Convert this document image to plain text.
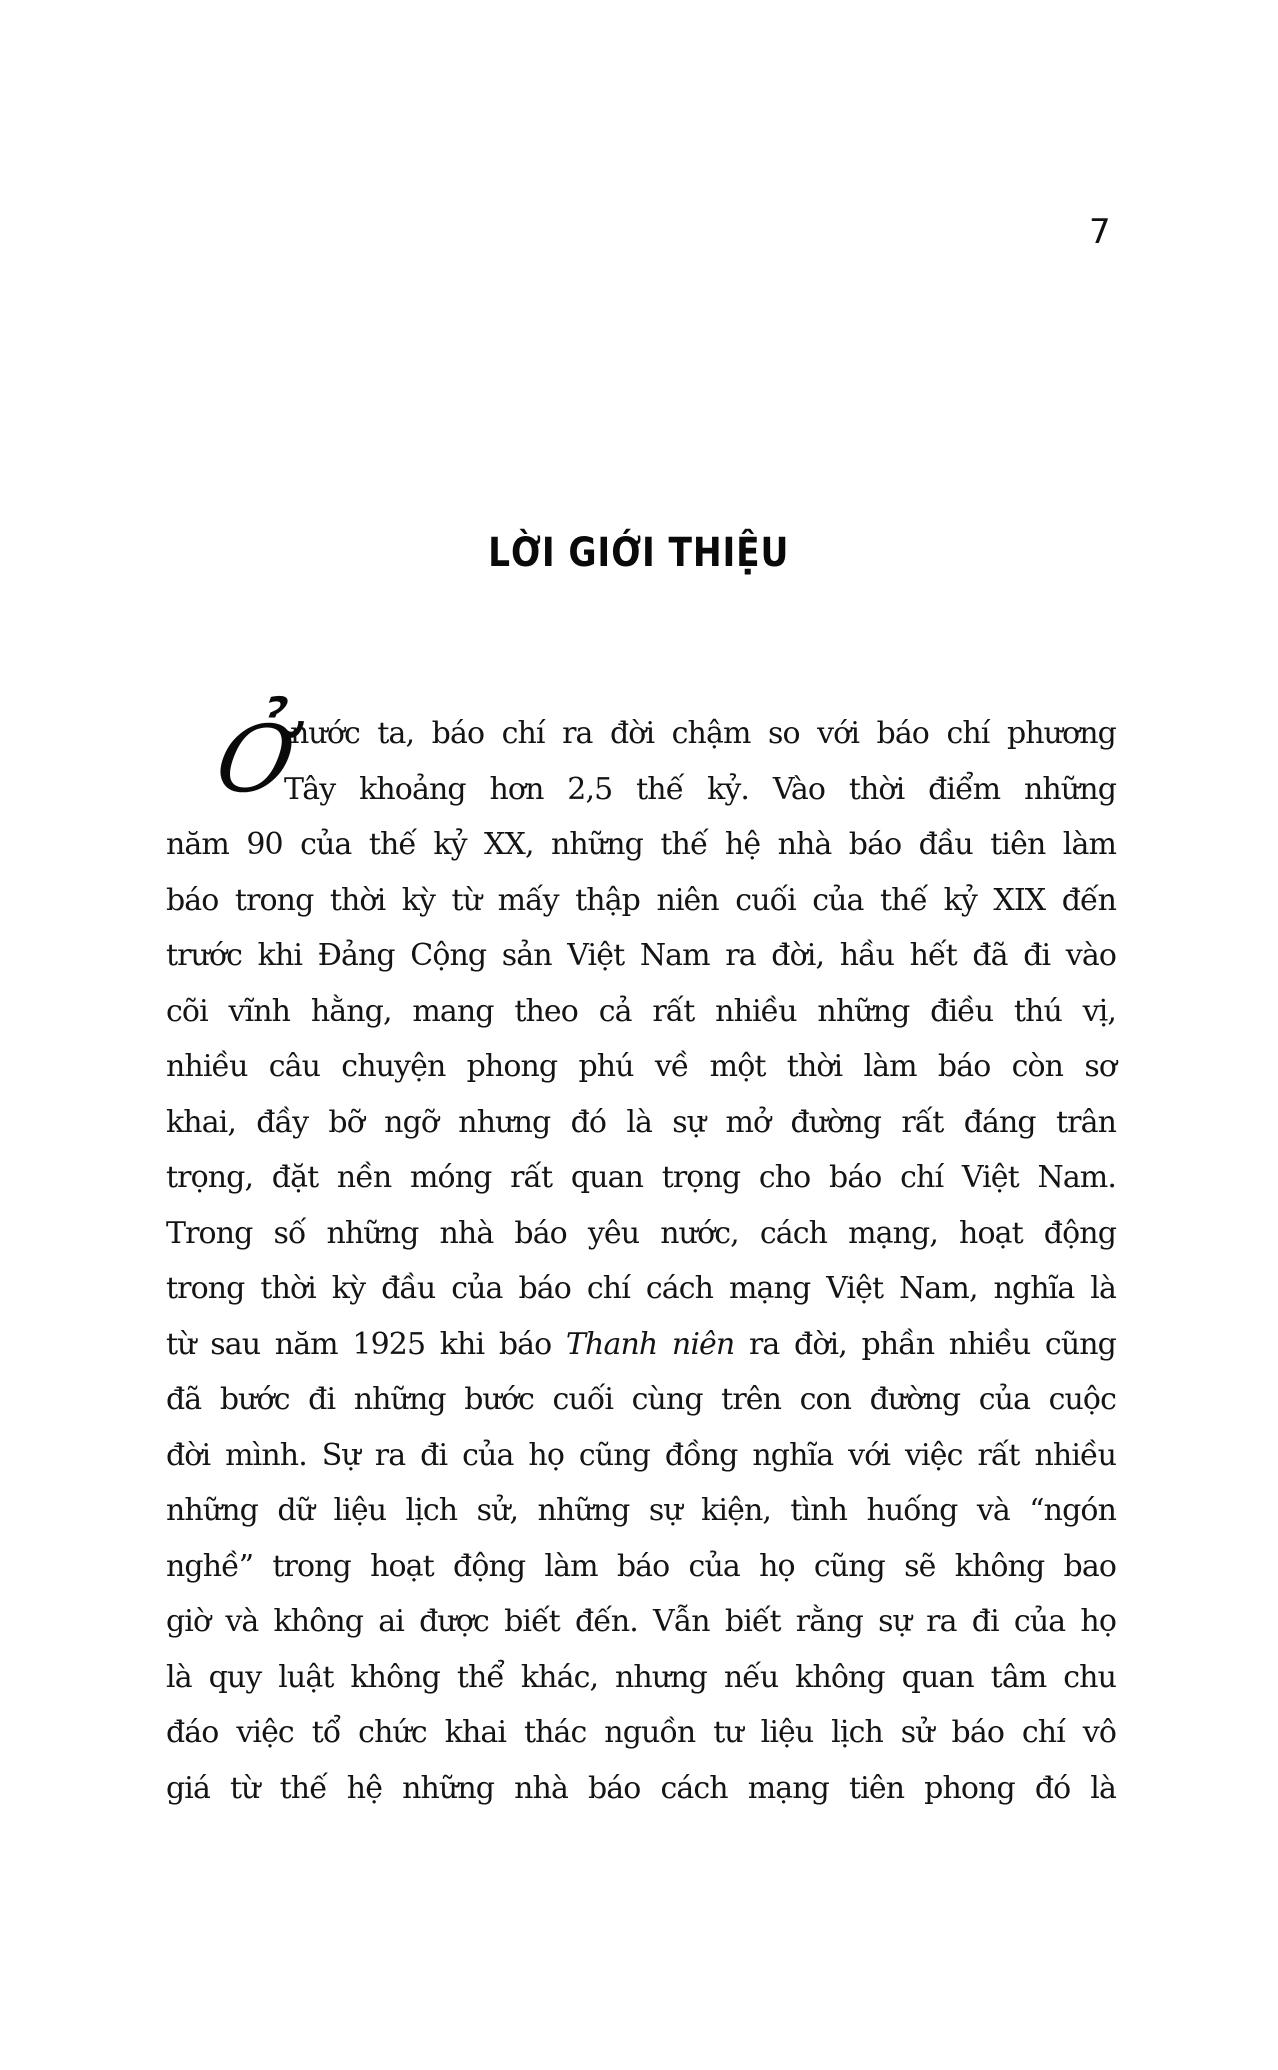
7
LỜI GIỚI THIỆU
Ở
nước ta, báo chí ra đời chậm so với báo chí phương
Tây khoảng hơn 2,5 thế kỷ. Vào thời điểm những
năm 90 của thế kỷ XX, những thế hệ nhà báo đầu tiên làm
báo trong thời kỳ từ mấy thập niên cuối của thế kỷ XIX đến
trước khi Đảng Cộng sản Việt Nam ra đời, hầu hết đã đi vào
cõi vĩnh hằng, mang theo cả rất nhiều những điều thú vị,
nhiều câu chuyện phong phú về một thời làm báo còn sơ
khai, đầy bỡ ngỡ nhưng đó là sự mở đường rất đáng trân
trọng, đặt nền móng rất quan trọng cho báo chí Việt Nam.
Trong số những nhà báo yêu nước, cách mạng, hoạt động
trong thời kỳ đầu của báo chí cách mạng Việt Nam, nghĩa là
từ sau năm 1925 khi báo Thanh niên ra đời, phần nhiều cũng
đã bước đi những bước cuối cùng trên con đường của cuộc
đời mình. Sự ra đi của họ cũng đồng nghĩa với việc rất nhiều
những dữ liệu lịch sử, những sự kiện, tình huống và “ngón
nghề” trong hoạt động làm báo của họ cũng sẽ không bao
giờ và không ai được biết đến. Vẫn biết rằng sự ra đi của họ
là quy luật không thể khác, nhưng nếu không quan tâm chu
đáo việc tổ chức khai thác nguồn tư liệu lịch sử báo chí vô
giá từ thế hệ những nhà báo cách mạng tiên phong đó là
